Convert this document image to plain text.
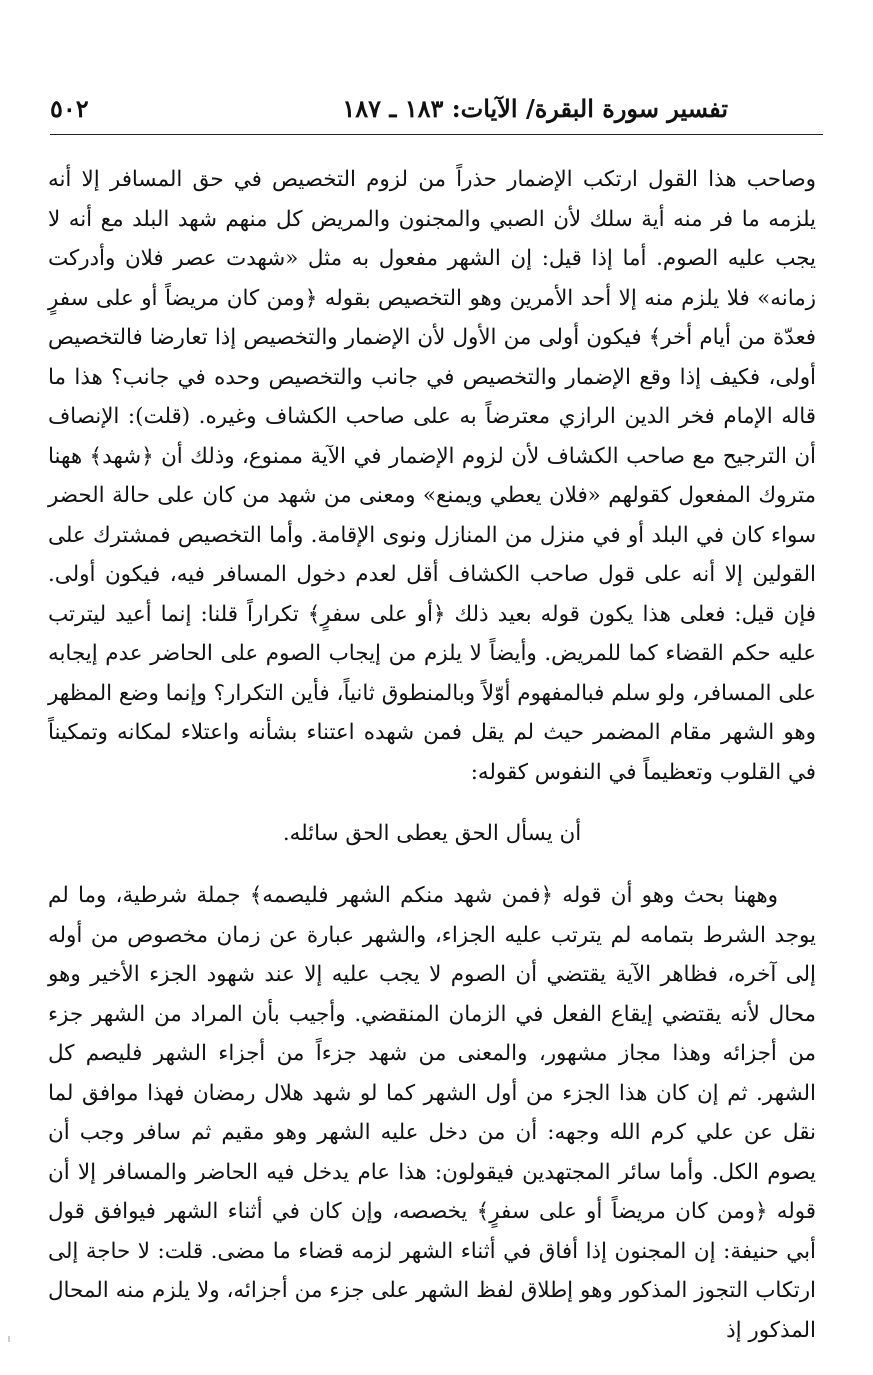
تفسير سورة البقرة/ الآيات: ١٨٣ ـ ١٨٧
٥٠٢

وصاحب هذا القول ارتكب الإضمار حذراً من لزوم التخصيص في حق المسافر إلا أنه يلزمه ما فر منه أية سلك لأن الصبي والمجنون والمريض كل منهم شهد البلد مع أنه لا يجب عليه الصوم. أما إذا قيل: إن الشهر مفعول به مثل «شهدت عصر فلان وأدركت زمانه» فلا يلزم منه إلا أحد الأمرين وهو التخصيص بقوله ﴿ومن كان مريضاً أو على سفرٍ فعدّة من أيام أخر﴾ فيكون أولى من الأول لأن الإضمار والتخصيص إذا تعارضا فالتخصيص أولى، فكيف إذا وقع الإضمار والتخصيص في جانب والتخصيص وحده في جانب؟ هذا ما قاله الإمام فخر الدين الرازي معترضاً به على صاحب الكشاف وغيره. (قلت): الإنصاف أن الترجيح مع صاحب الكشاف لأن لزوم الإضمار في الآية ممنوع، وذلك أن ﴿شهد﴾ ههنا متروك المفعول كقولهم «فلان يعطي ويمنع» ومعنى من شهد من كان على حالة الحضر سواء كان في البلد أو في منزل من المنازل ونوى الإقامة. وأما التخصيص فمشترك على القولين إلا أنه على قول صاحب الكشاف أقل لعدم دخول المسافر فيه، فيكون أولى. فإن قيل: فعلى هذا يكون قوله بعيد ذلك ﴿أو على سفرٍ﴾ تكراراً قلنا: إنما أعيد ليترتب عليه حكم القضاء كما للمريض. وأيضاً لا يلزم من إيجاب الصوم على الحاضر عدم إيجابه على المسافر، ولو سلم فبالمفهوم أوّلاً وبالمنطوق ثانياً، فأين التكرار؟ وإنما وضع المظهر وهو الشهر مقام المضمر حيث لم يقل فمن شهده اعتناء بشأنه واعتلاء لمكانه وتمكيناً في القلوب وتعظيماً في النفوس كقوله:

أن يسأل الحق يعطى الحق سائله.

وههنا بحث وهو أن قوله ﴿فمن شهد منكم الشهر فليصمه﴾ جملة شرطية، وما لم يوجد الشرط بتمامه لم يترتب عليه الجزاء، والشهر عبارة عن زمان مخصوص من أوله إلى آخره، فظاهر الآية يقتضي أن الصوم لا يجب عليه إلا عند شهود الجزء الأخير وهو محال لأنه يقتضي إيقاع الفعل في الزمان المنقضي. وأجيب بأن المراد من الشهر جزء من أجزائه وهذا مجاز مشهور، والمعنى من شهد جزءاً من أجزاء الشهر فليصم كل الشهر. ثم إن كان هذا الجزء من أول الشهر كما لو شهد هلال رمضان فهذا موافق لما نقل عن علي كرم الله وجهه: أن من دخل عليه الشهر وهو مقيم ثم سافر وجب أن يصوم الكل. وأما سائر المجتهدين فيقولون: هذا عام يدخل فيه الحاضر والمسافر إلا أن قوله ﴿ومن كان مريضاً أو على سفرٍ﴾ يخصصه، وإن كان في أثناء الشهر فيوافق قول أبي حنيفة: إن المجنون إذا أفاق في أثناء الشهر لزمه قضاء ما مضى. قلت: لا حاجة إلى ارتكاب التجوز المذكور وهو إطلاق لفظ الشهر على جزء من أجزائه، ولا يلزم منه المحال المذكور إذ
